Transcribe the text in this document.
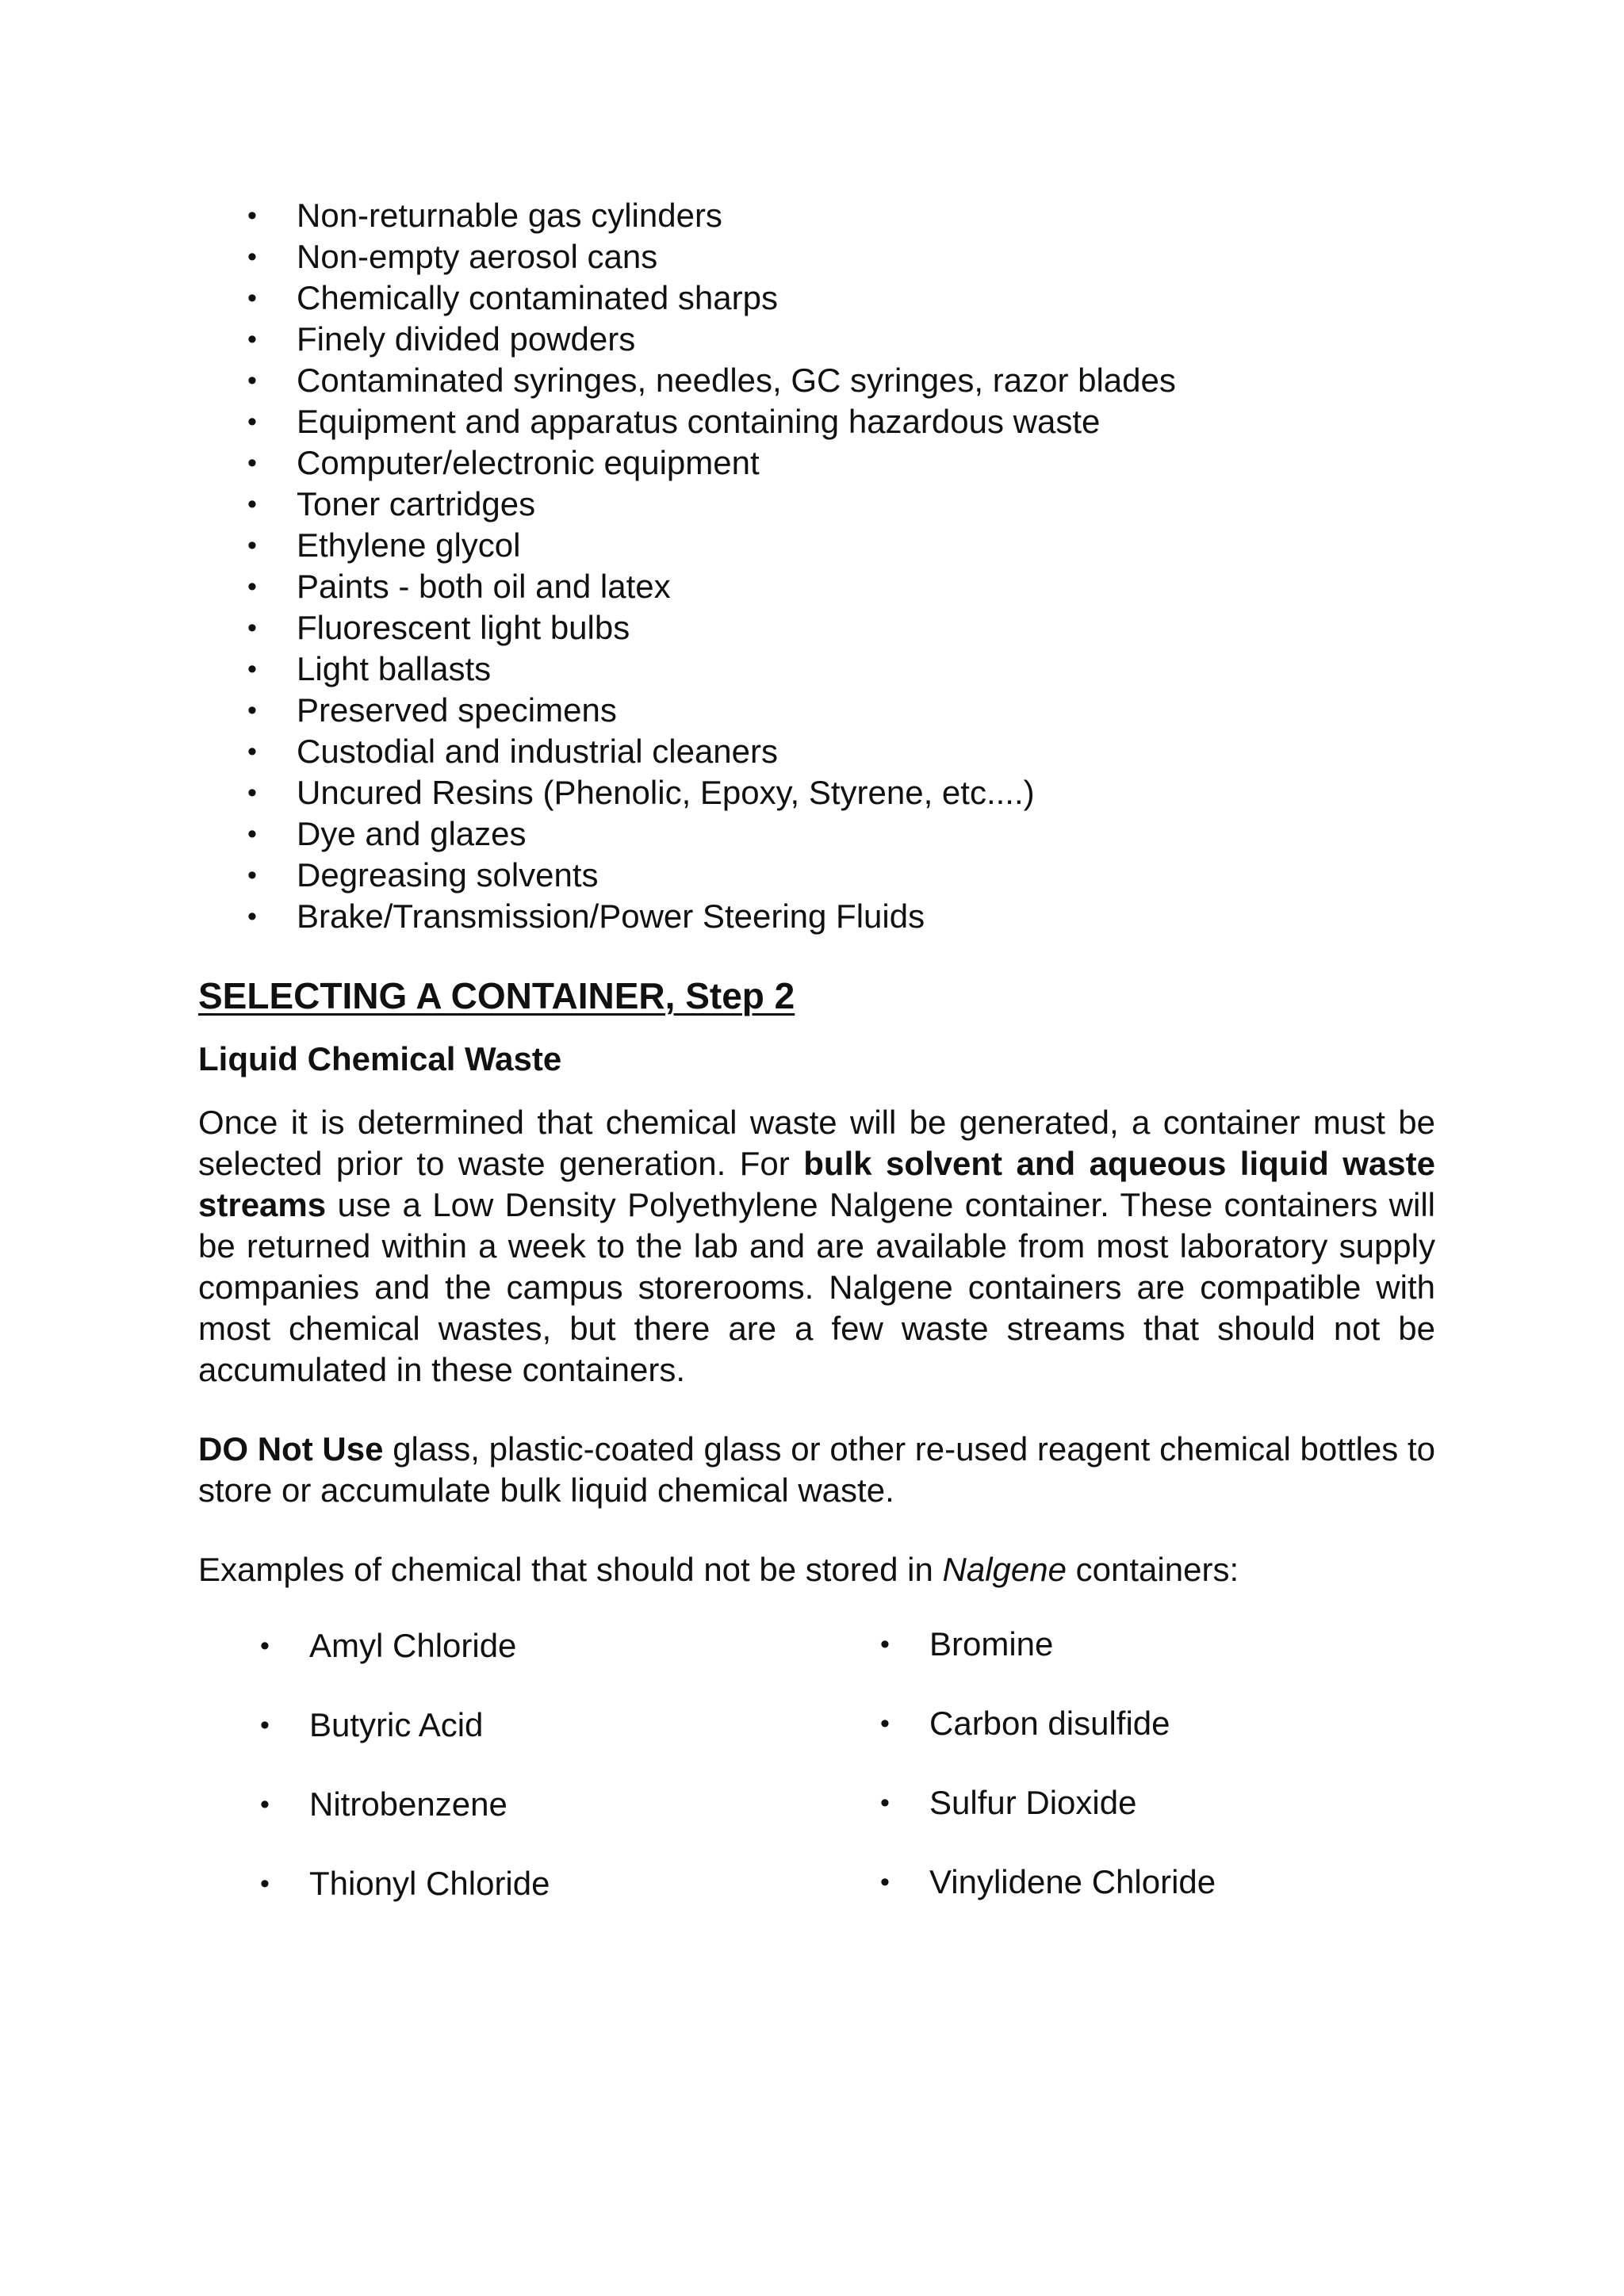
• Non-returnable gas cylinders
• Non-empty aerosol cans
• Chemically contaminated sharps
• Finely divided powders
• Contaminated syringes, needles, GC syringes, razor blades
• Equipment and apparatus containing hazardous waste
• Computer/electronic equipment
• Toner cartridges
• Ethylene glycol
• Paints - both oil and latex
• Fluorescent light bulbs
• Light ballasts
• Preserved specimens
• Custodial and industrial cleaners
• Uncured Resins (Phenolic, Epoxy, Styrene, etc....)
• Dye and glazes
• Degreasing solvents
• Brake/Transmission/Power Steering Fluids
SELECTING A CONTAINER, Step 2
Liquid Chemical Waste

Once it is determined that chemical waste will be generated, a container must be selected prior to waste generation. For bulk solvent and aqueous liquid waste streams use a Low Density Polyethylene Nalgene container. These containers will be returned within a week to the lab and are available from most laboratory supply companies and the campus storerooms. Nalgene containers are compatible with most chemical wastes, but there are a few waste streams that should not be accumulated in these containers.

DO Not Use glass, plastic-coated glass or other re-used reagent chemical bottles to store or accumulate bulk liquid chemical waste.

Examples of chemical that should not be stored in Nalgene containers:

• Amyl Chloride
• Butyric Acid
• Nitrobenzene
• Thionyl Chloride
• Bromine
• Carbon disulfide
• Sulfur Dioxide
• Vinylidene Chloride
